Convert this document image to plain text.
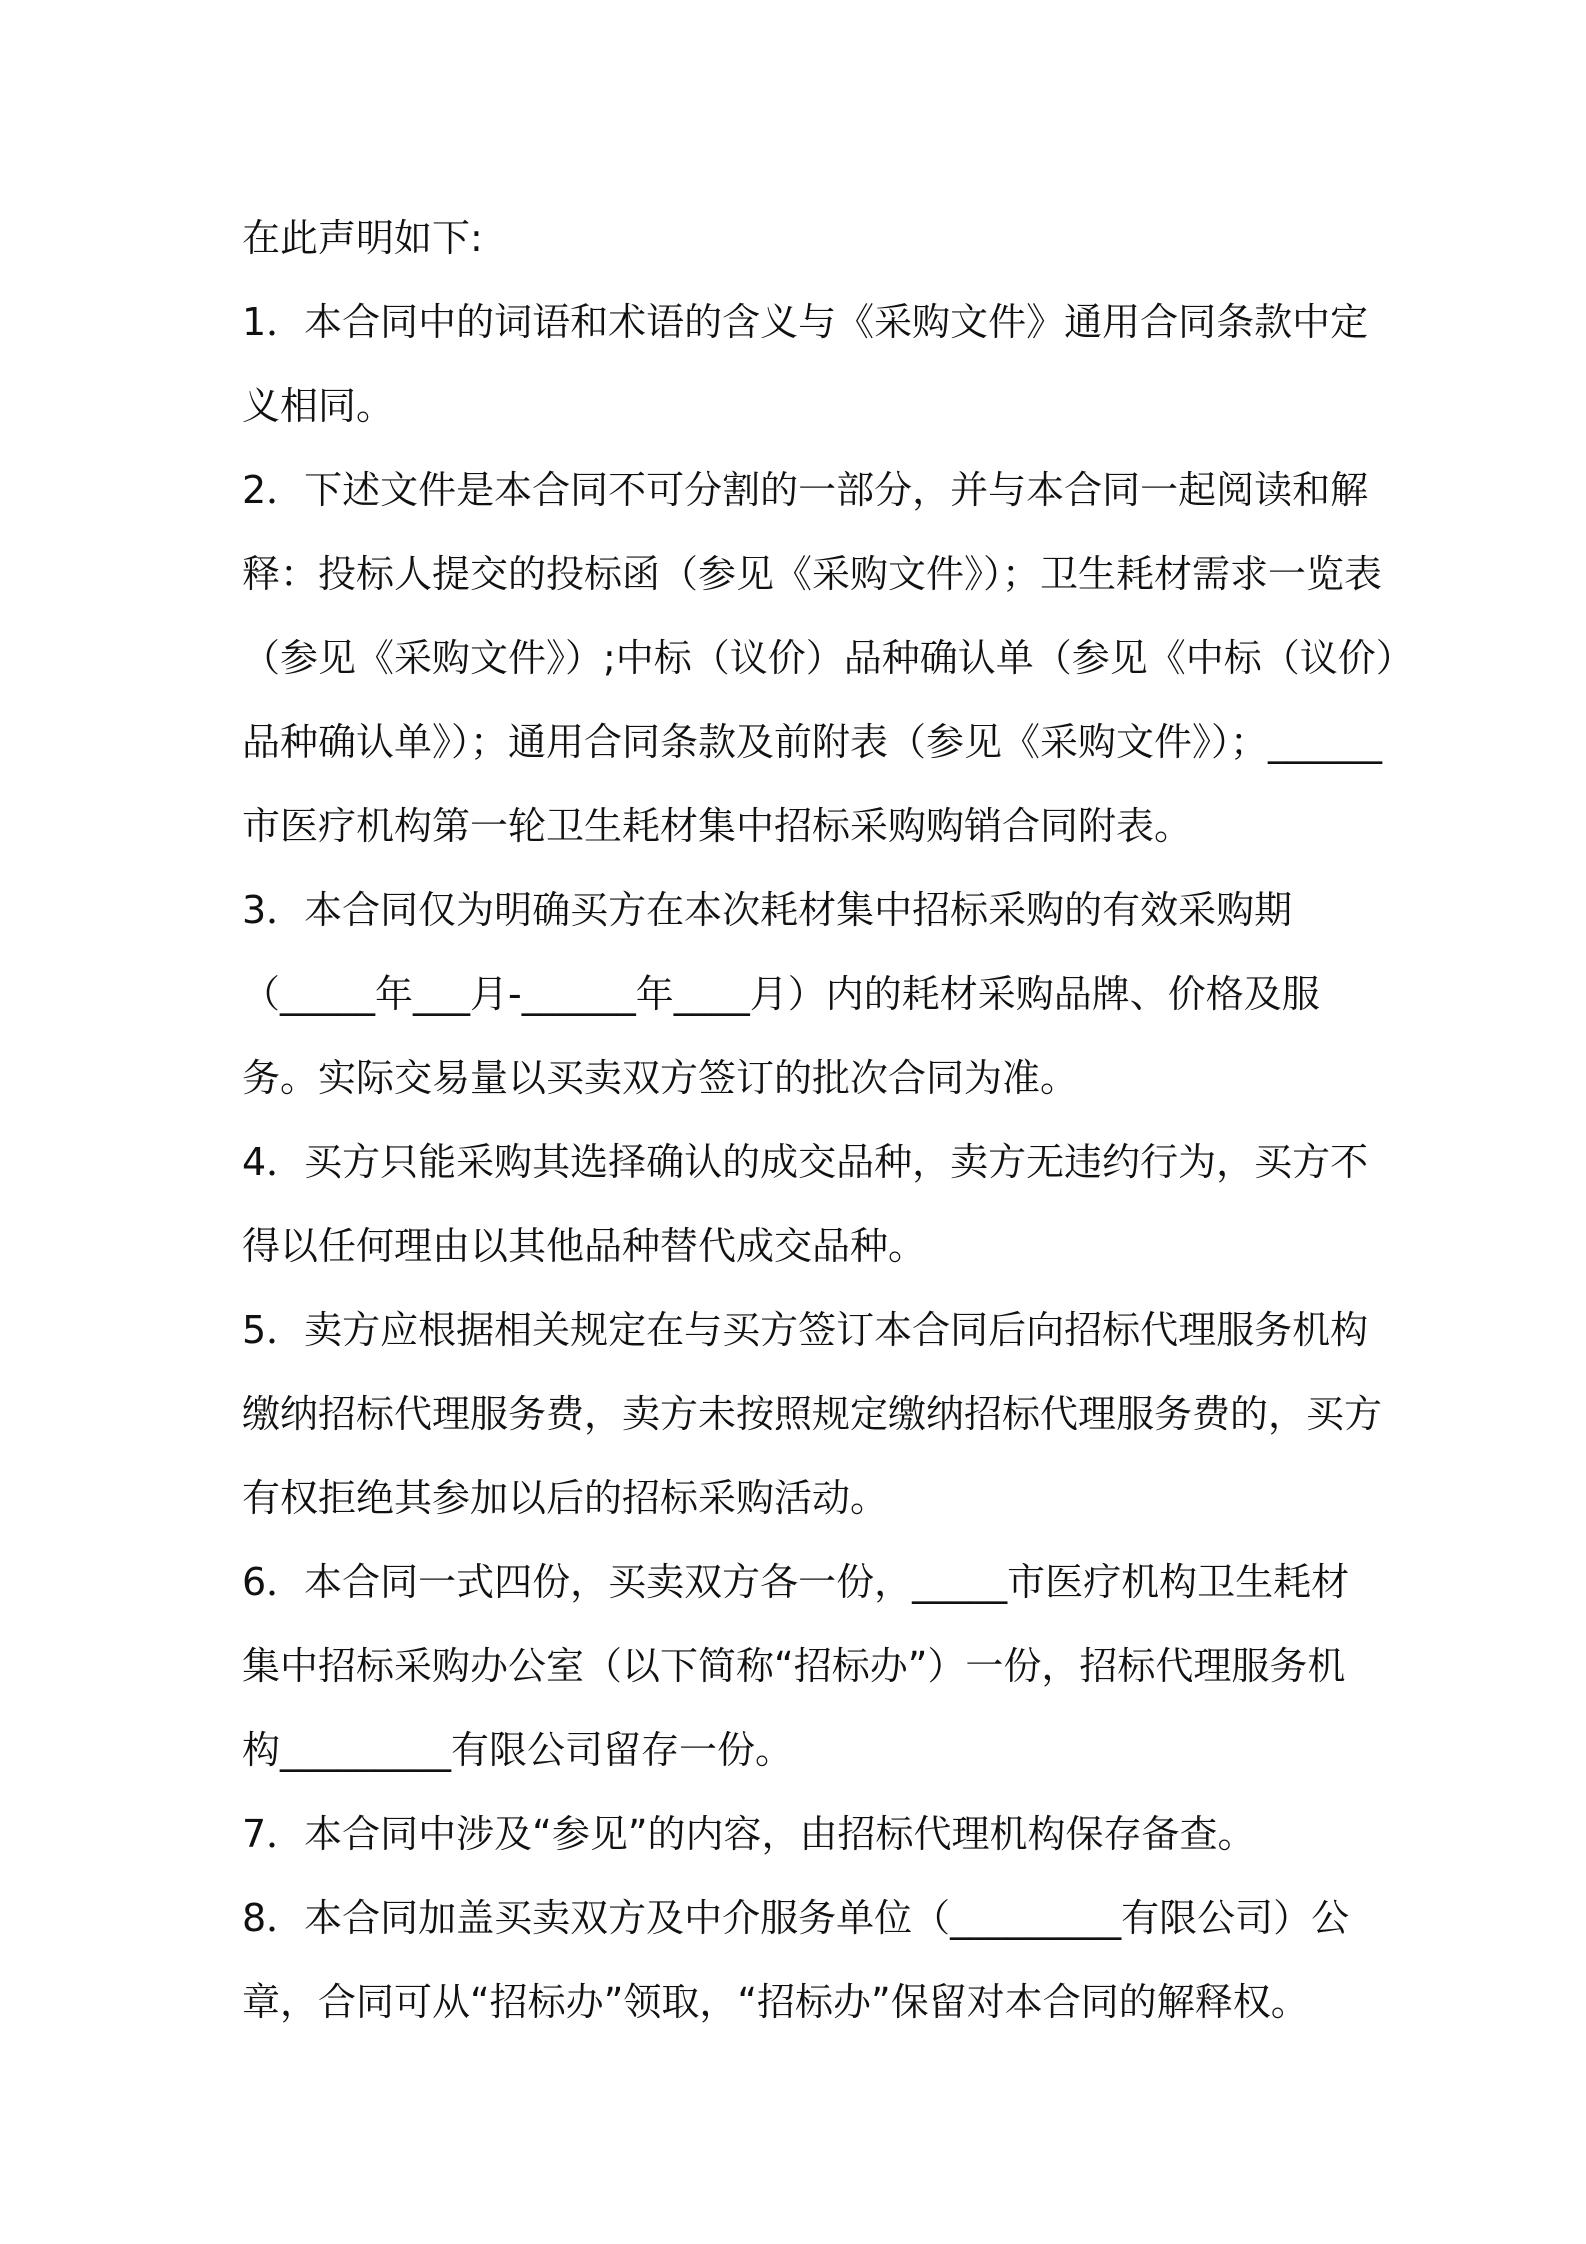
在此声明如下:

1．本合同中的词语和术语的含义与《采购文件》通用合同条款中定

义相同。

2．下述文件是本合同不可分割的一部分，并与本合同一起阅读和解

释：投标人提交的投标函（参见《采购文件》）；卫生耗材需求一览表

（参见《采购文件》）;中标（议价）品种确认单（参见《中标（议价）

品种确认单》）；通用合同条款及前附表（参见《采购文件》）；______

市医疗机构第一轮卫生耗材集中招标采购购销合同附表。

3．本合同仅为明确买方在本次耗材集中招标采购的有效采购期

（_____年___月-______年____月）内的耗材采购品牌、价格及服

务。实际交易量以买卖双方签订的批次合同为准。

4．买方只能采购其选择确认的成交品种，卖方无违约行为，买方不

得以任何理由以其他品种替代成交品种。

5．卖方应根据相关规定在与买方签订本合同后向招标代理服务机构

缴纳招标代理服务费，卖方未按照规定缴纳招标代理服务费的，买方

有权拒绝其参加以后的招标采购活动。

6．本合同一式四份，买卖双方各一份，_____市医疗机构卫生耗材

集中招标采购办公室（以下简称“招标办”）一份，招标代理服务机

构_________有限公司留存一份。

7．本合同中涉及“参见”的内容，由招标代理机构保存备查。

8．本合同加盖买卖双方及中介服务单位（_________有限公司）公

章，合同可从“招标办”领取，“招标办”保留对本合同的解释权。
